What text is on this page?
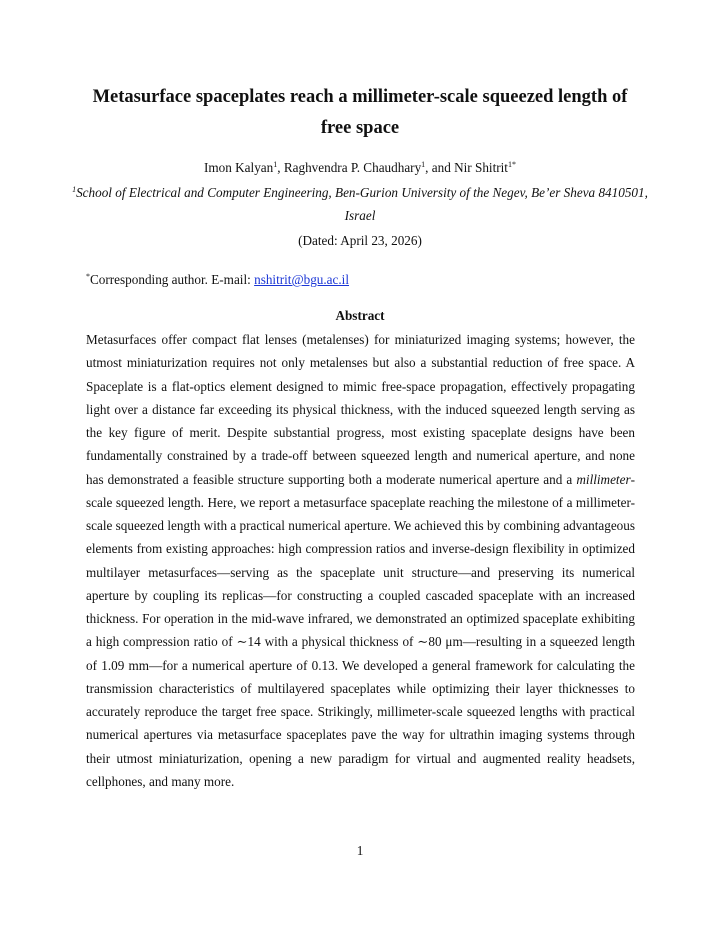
Metasurface spaceplates reach a millimeter-scale squeezed length of free space
Imon Kalyan$^1$, Raghvendra P. Chaudhary$^1$, and Nir Shitrit$^{1*}$
$^1$School of Electrical and Computer Engineering, Ben-Gurion University of the Negev, Be’er Sheva 8410501, Israel
(Dated: April 23, 2026)
*Corresponding author. E-mail: nshitrit@bgu.ac.il
Abstract

Metasurfaces offer compact flat lenses (metalenses) for miniaturized imaging systems; however, the utmost miniaturization requires not only metalenses but also a substantial reduction of free space. A Spaceplate is a flat-optics element designed to mimic free-space propagation, effectively propagating light over a distance far exceeding its physical thickness, with the induced squeezed length serving as the key figure of merit. Despite substantial progress, most existing spaceplate designs have been fundamentally constrained by a trade-off between squeezed length and numerical aperture, and none has demonstrated a feasible structure supporting both a moderate numerical aperture and a millimeter-scale squeezed length. Here, we report a metasurface spaceplate reaching the milestone of a millimeter-scale squeezed length with a practical numerical aperture. We achieved this by combining advantageous elements from existing approaches: high compression ratios and inverse-design flexibility in optimized multilayer metasurfaces—serving as the spaceplate unit structure—and preserving its numerical aperture by coupling its replicas—for constructing a coupled cascaded spaceplate with an increased thickness. For operation in the mid-wave infrared, we demonstrated an optimized spaceplate exhibiting a high compression ratio of ∼14 with a physical thickness of ∼80 μm—resulting in a squeezed length of 1.09 mm—for a numerical aperture of 0.13. We developed a general framework for calculating the transmission characteristics of multilayered spaceplates while optimizing their layer thicknesses to accurately reproduce the target free space. Strikingly, millimeter-scale squeezed lengths with practical numerical apertures via metasurface spaceplates pave the way for ultrathin imaging systems through their utmost miniaturization, opening a new paradigm for virtual and augmented reality headsets, cellphones, and many more.

1
